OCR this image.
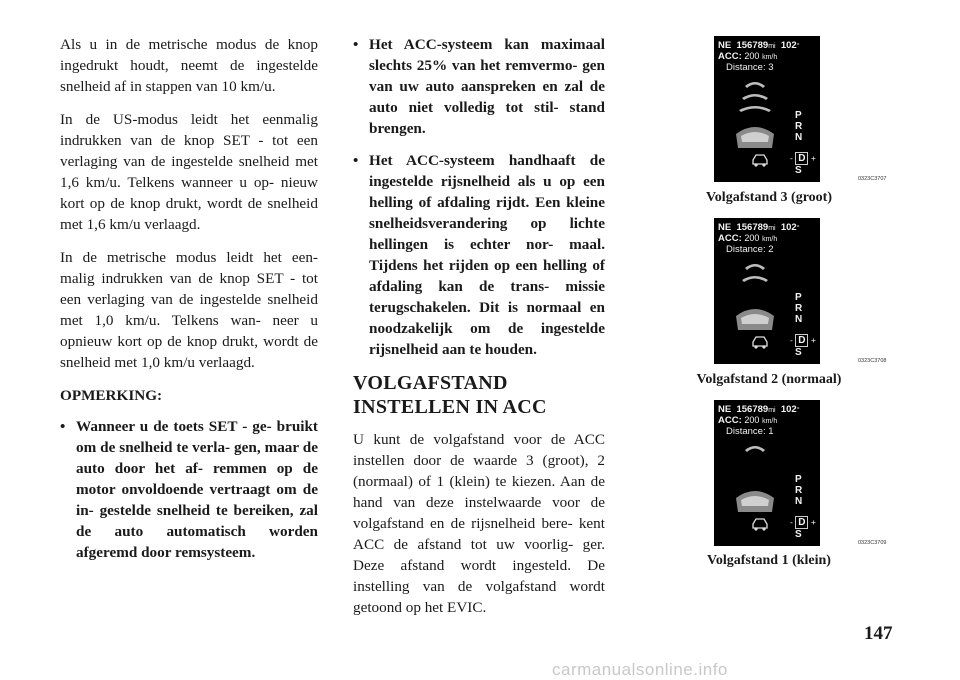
Als u in de metrische modus de knop ingedrukt houdt, neemt de ingestelde snelheid af in stappen van 10 km/u.

In de US-modus leidt het eenmalig indrukken van de knop SET - tot een verlaging van de ingestelde snelheid met 1,6 km/u. Telkens wanneer u op- nieuw kort op de knop drukt, wordt de snelheid met 1,6 km/u verlaagd.

In de metrische modus leidt het een- malig indrukken van de knop SET - tot een verlaging van de ingestelde snelheid met 1,0 km/u. Telkens wan- neer u opnieuw kort op de knop drukt, wordt de snelheid met 1,0 km/u verlaagd.

OPMERKING:
• Wanneer u de toets SET - ge- bruikt om de snelheid te verla- gen, maar de auto door het af- remmen op de motor onvoldoende vertraagt om de in- gestelde snelheid te bereiken, zal de auto automatisch worden afgeremd door remsysteem.
• Het ACC-systeem kan maximaal slechts 25% van het remvermo- gen van uw auto aanspreken en zal de auto niet volledig tot stil- stand brengen.
• Het ACC-systeem handhaaft de ingestelde rijsnelheid als u op een helling of afdaling rijdt. Een kleine snelheidsverandering op lichte hellingen is echter nor- maal. Tijdens het rijden op een helling of afdaling kan de trans- missie terugschakelen. Dit is normaal en noodzakelijk om de ingestelde rijsnelheid aan te houden.
VOLGAFSTAND
INSTELLEN IN ACC

U kunt de volgafstand voor de ACC instellen door de waarde 3 (groot), 2 (normaal) of 1 (klein) te kiezen. Aan de hand van deze instelwaarde voor de volgafstand en de rijsnelheid bere- kent ACC de afstand tot uw voorlig- ger. Deze afstand wordt ingesteld. De instelling van de volgafstand wordt getoond op het EVIC.

NE 156789mi 102°
ACC: 200 km/h
Distance: 3
P
R
N
- D +
S
0323C3707
Volgafstand 3 (groot)
NE 156789mi 102°
ACC: 200 km/h
Distance: 2
P
R
N
- D +
S
0323C3708
Volgafstand 2 (normaal)
NE 156789mi 102°
ACC: 200 km/h
Distance: 1
P
R
N
- D +
S
0323C3709
Volgafstand 1 (klein)
147
carmanualsonline.info
